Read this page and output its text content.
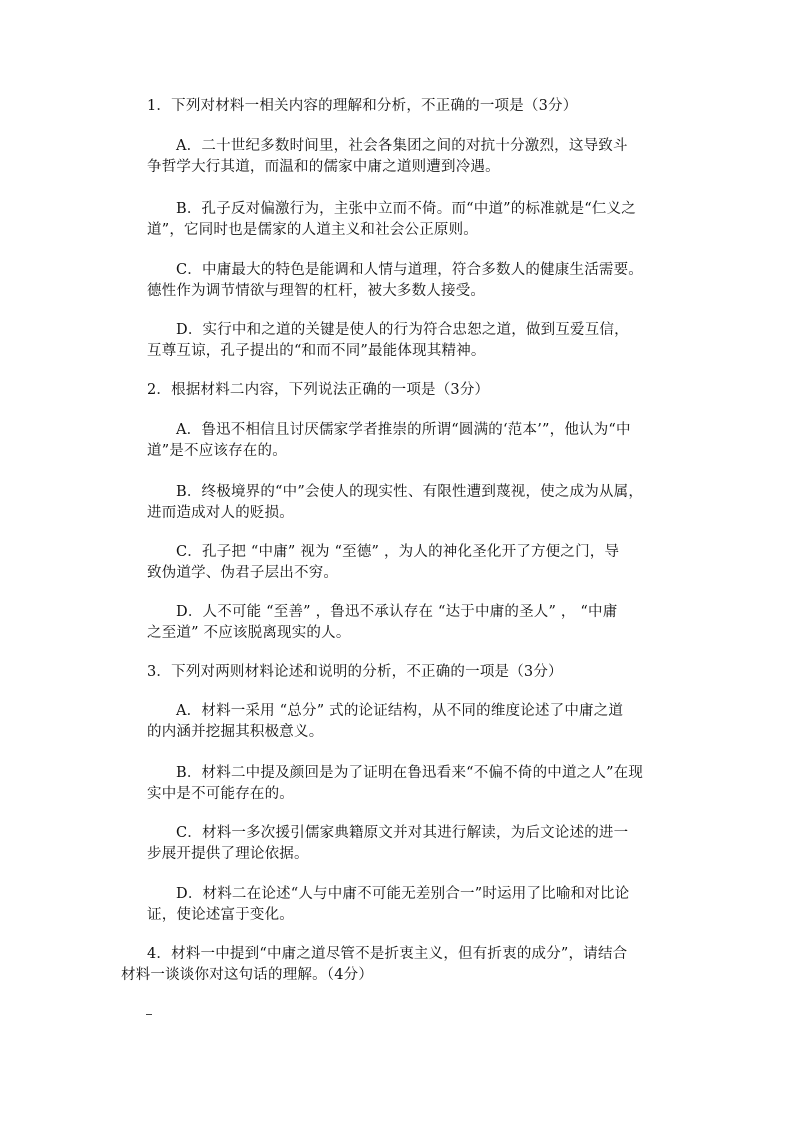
1．下列对材料一相关内容的理解和分析，不正确的一项是（3分）
A．二十世纪多数时间里，社会各集团之间的对抗十分激烈，这导致斗
争哲学大行其道，而温和的儒家中庸之道则遭到冷遇。
B．孔子反对偏激行为，主张中立而不倚。而“中道”的标准就是“仁义之
道”，它同时也是儒家的人道主义和社会公正原则。
C．中庸最大的特色是能调和人情与道理，符合多数人的健康生活需要。
德性作为调节情欲与理智的杠杆，被大多数人接受。
D．实行中和之道的关键是使人的行为符合忠恕之道，做到互爱互信，
互尊互谅，孔子提出的“和而不同”最能体现其精神。
2．根据材料二内容，下列说法正确的一项是（3分）
A．鲁迅不相信且讨厌儒家学者推崇的所谓“圆满的‘范本’”，他认为“中
道”是不应该存在的。
B．终极境界的“中”会使人的现实性、有限性遭到蔑视，使之成为从属，
进而造成对人的贬损。
C．孔子把 “中庸” 视为 “至德” ，为人的神化圣化开了方便之门，导
致伪道学、伪君子层出不穷。
D．人不可能 “至善” ，鲁迅不承认存在 “达于中庸的圣人” ， “中庸
之至道” 不应该脱离现实的人。
3．下列对两则材料论述和说明的分析，不正确的一项是（3分）
A．材料一采用 “总分” 式的论证结构，从不同的维度论述了中庸之道
的内涵并挖掘其积极意义。
B．材料二中提及颜回是为了证明在鲁迅看来“不偏不倚的中道之人”在现
实中是不可能存在的。
C．材料一多次援引儒家典籍原文并对其进行解读，为后文论述的进一
步展开提供了理论依据。
D．材料二在论述“人与中庸不可能无差别合一”时运用了比喻和对比论
证，使论述富于变化。
4．材料一中提到“中庸之道尽管不是折衷主义，但有折衷的成分”，请结合
材料一谈谈你对这句话的理解。（4分）
